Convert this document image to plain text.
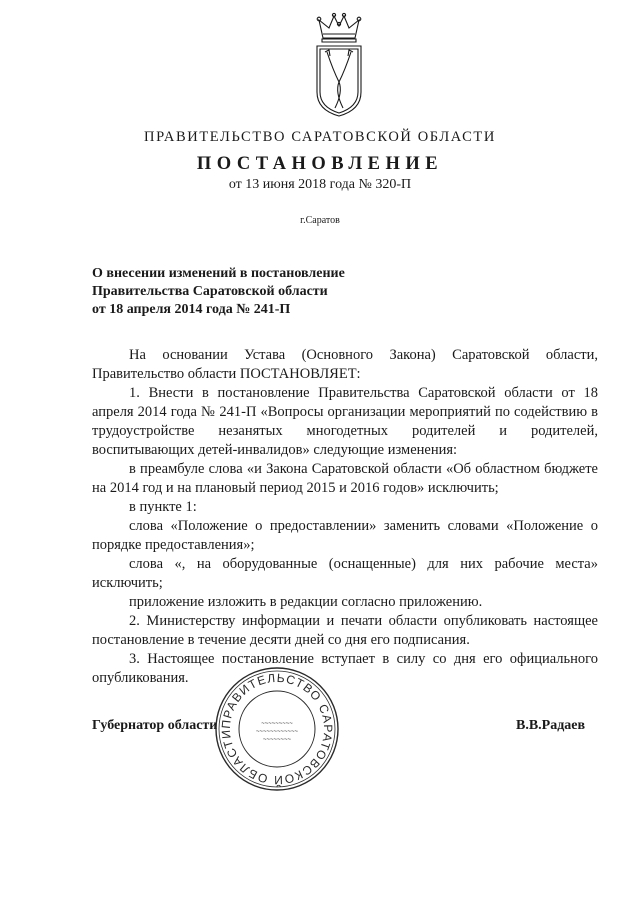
ПРАВИТЕЛЬСТВО САРАТОВСКОЙ ОБЛАСТИ
ПОСТАНОВЛЕНИЕ
от 13 июня 2018 года № 320-П
г.Саратов
О внесении изменений в постановление
Правительства Саратовской области
от 18 апреля 2014 года № 241-П

На основании Устава (Основного Закона) Саратовской области, Правительство области ПОСТАНОВЛЯЕТ:

1. Внести в постановление Правительства Саратовской области от 18 апреля 2014 года № 241-П «Вопросы организации мероприятий по содействию в трудоустройстве незанятых многодетных родителей и родителей, воспитывающих детей-инвалидов» следующие изменения:

в преамбуле слова «и Закона Саратовской области «Об областном бюджете на 2014 год и на плановый период 2015 и 2016 годов» исключить;

в пункте 1:

слова «Положение о предоставлении» заменить словами «Положение о порядке предоставления»;

слова «, на оборудованные (оснащенные) для них рабочие места» исключить;

приложение изложить в редакции согласно приложению.

2. Министерству информации и печати области опубликовать настоящее постановление в течение десяти дней со дня его подписания.

3. Настоящее постановление вступает в силу со дня его официального опубликования.

Губернатор области	В.В.Радаев
ПРАВИТЕЛЬСТВО САРАТОВСКОЙ ОБЛАСТИ
~~~~~~~~~
~~~~~~~~~~~~
~~~~~~~~
